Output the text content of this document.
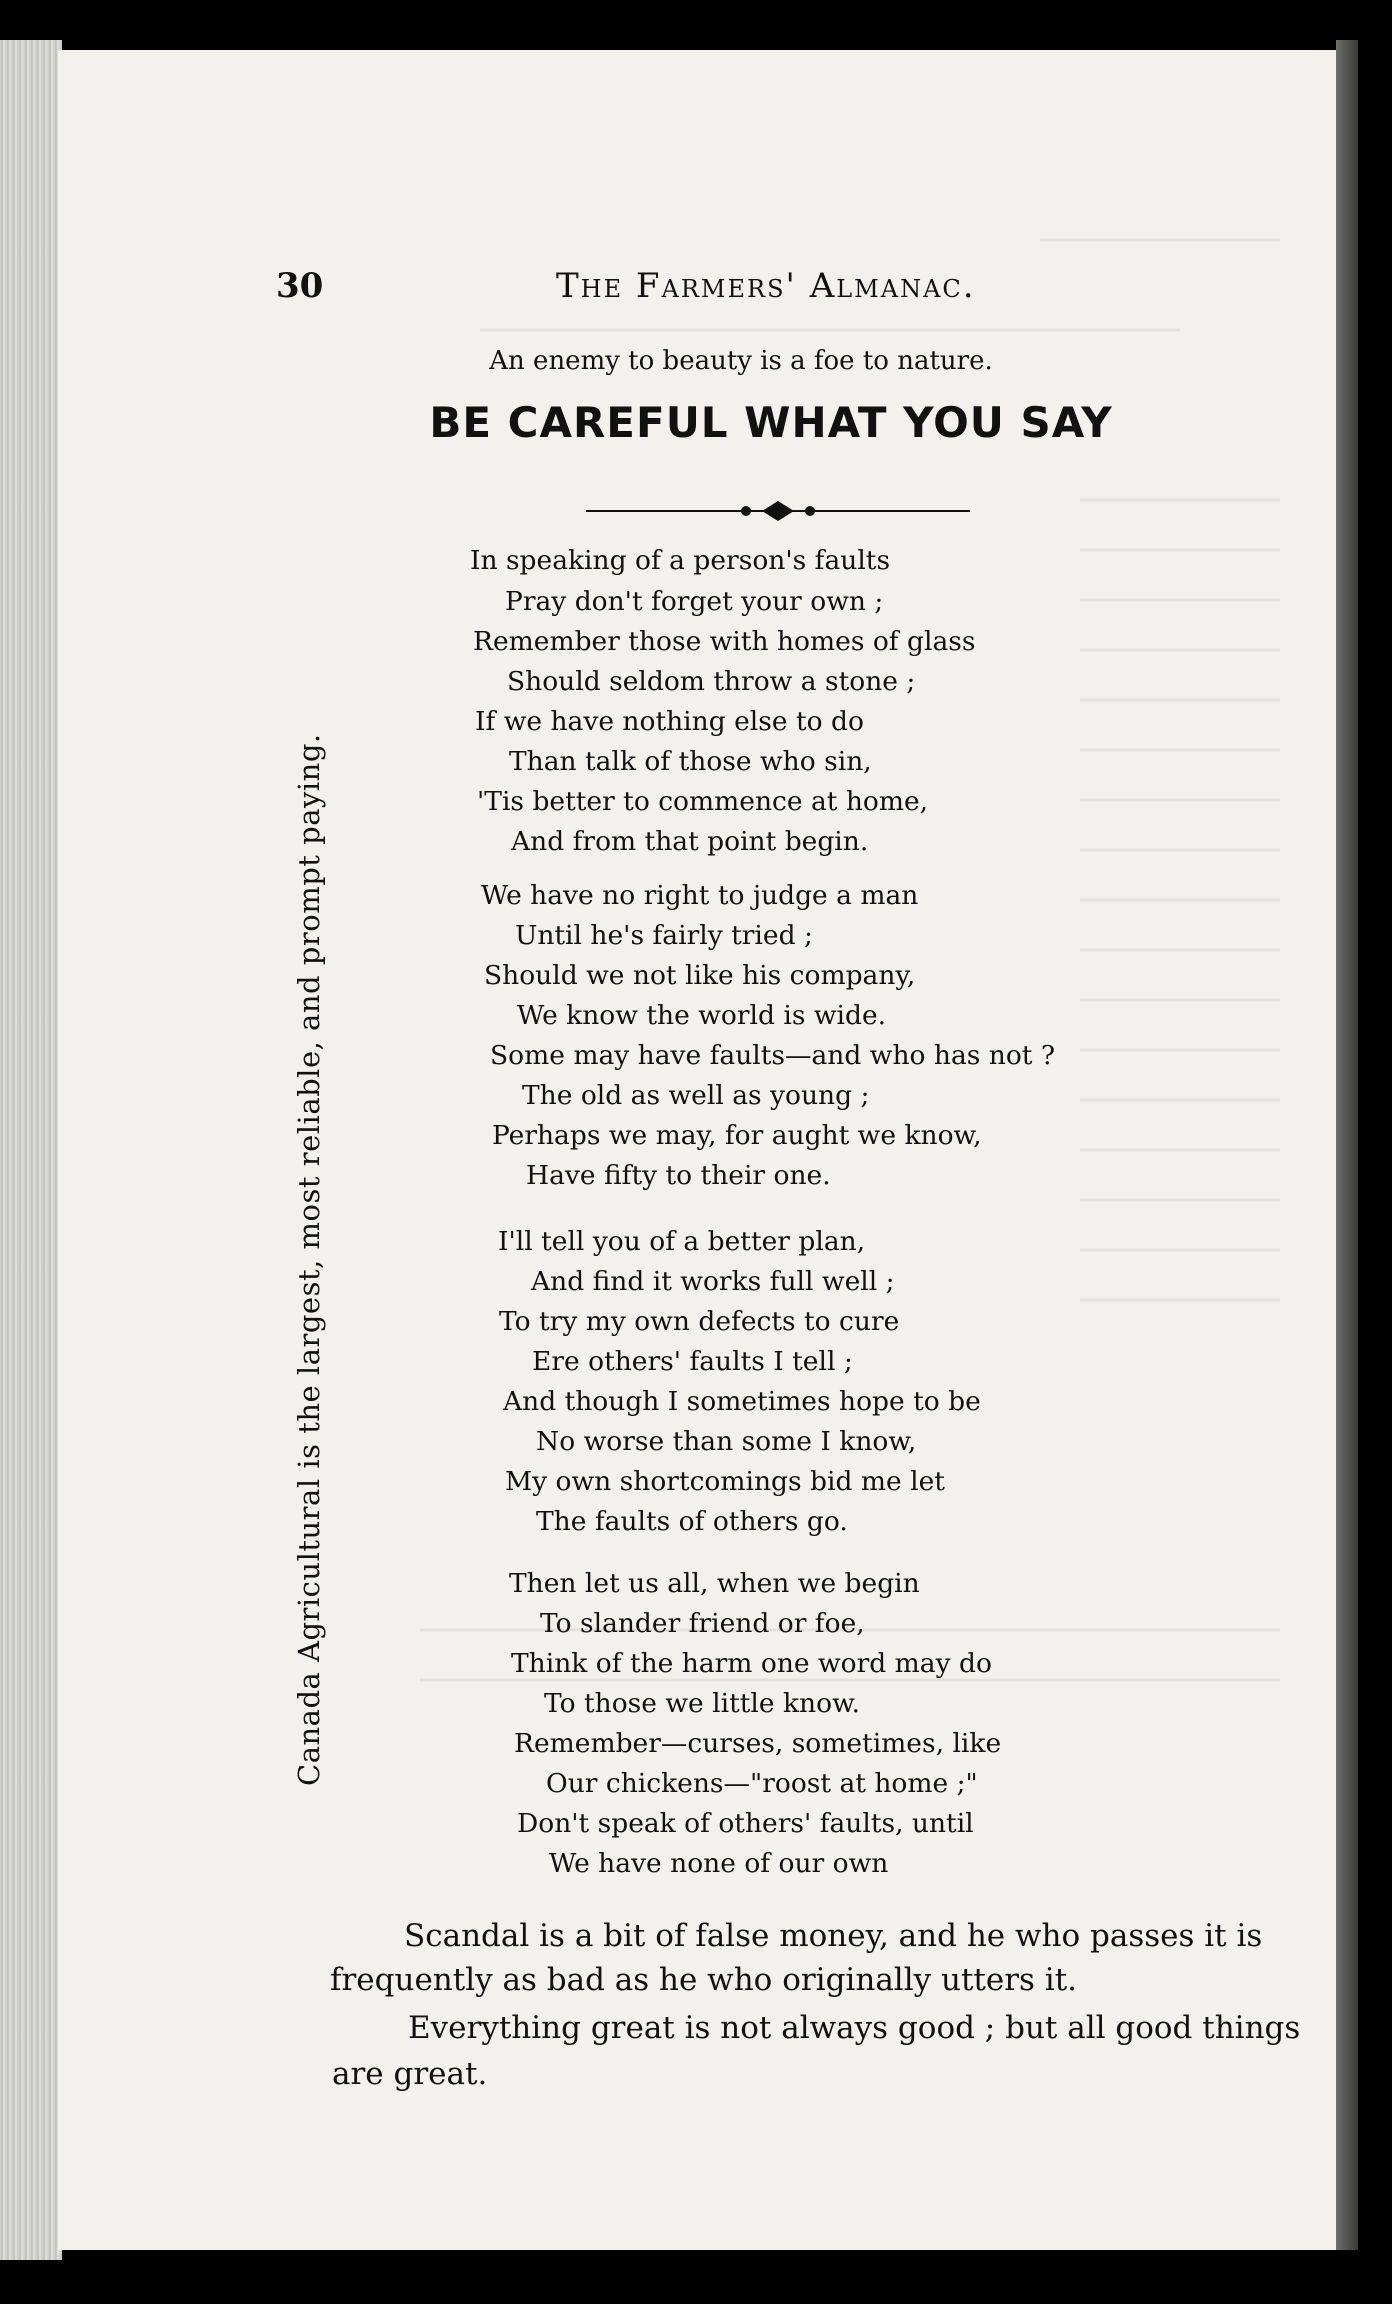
30	The Farmers' Almanac.
An enemy to beauty is a foe to nature.
BE CAREFUL WHAT YOU SAY
Canada Agricultural is the largest, most reliable, and prompt paying.
In speaking of a person's faults
Pray don't forget your own ;
Remember those with homes of glass
Should seldom throw a stone ;
If we have nothing else to do
Than talk of those who sin,
'Tis better to commence at home,
And from that point begin.
We have no right to judge a man
Until he's fairly tried ;
Should we not like his company,
We know the world is wide.
Some may have faults—and who has not ?
The old as well as young ;
Perhaps we may, for aught we know,
Have fifty to their one.
I'll tell you of a better plan,
And find it works full well ;
To try my own defects to cure
Ere others' faults I tell ;
And though I sometimes hope to be
No worse than some I know,
My own shortcomings bid me let
The faults of others go.
Then let us all, when we begin
To slander friend or foe,
Think of the harm one word may do
To those we little know.
Remember—curses, sometimes, like
Our chickens—"roost at home ;"
Don't speak of others' faults, until
We have none of our own
Scandal is a bit of false money, and he who passes it is
frequently as bad as he who originally utters it.
Everything great is not always good ; but all good things
are great.
